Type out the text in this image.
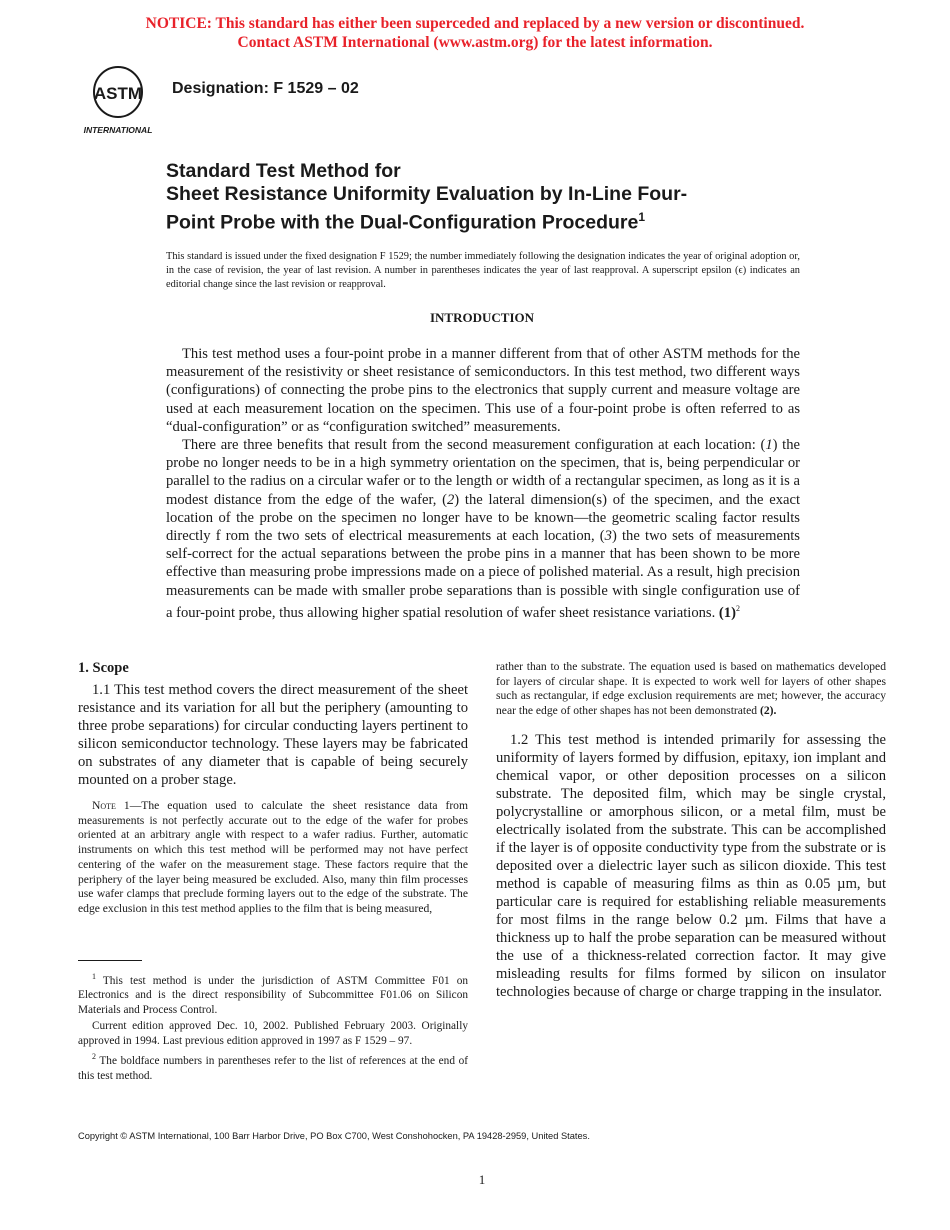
NOTICE: This standard has either been superceded and replaced by a new version or discontinued.
Contact ASTM International (www.astm.org) for the latest information.
ASTM
INTERNATIONAL
Designation: F 1529 – 02
Standard Test Method for
Sheet Resistance Uniformity Evaluation by In-Line Four-
Point Probe with the Dual-Configuration Procedure$^1$

This standard is issued under the fixed designation F 1529; the number immediately following the designation indicates the year of original adoption or, in the case of revision, the year of last revision. A number in parentheses indicates the year of last reapproval. A superscript epsilon (ϵ) indicates an editorial change since the last revision or reapproval.

INTRODUCTION

This test method uses a four-point probe in a manner different from that of other ASTM methods for the measurement of the resistivity or sheet resistance of semiconductors. In this test method, two different ways (configurations) of connecting the probe pins to the electronics that supply current and measure voltage are used at each measurement location on the specimen. This use of a four-point probe is often referred to as “dual-configuration” or as “configuration switched” measurements.

There are three benefits that result from the second measurement configuration at each location: (1) the probe no longer needs to be in a high symmetry orientation on the specimen, that is, being perpendicular or parallel to the radius on a circular wafer or to the length or width of a rectangular specimen, as long as it is a modest distance from the edge of the wafer, (2) the lateral dimension(s) of the specimen, and the exact location of the probe on the specimen no longer have to be known—the geometric scaling factor results directly f rom the two sets of electrical measurements at each location, (3) the two sets of measurements self-correct for the actual separations between the probe pins in a manner that has been shown to be more effective than measuring probe impressions made on a piece of polished material. As a result, high precision measurements can be made with smaller probe separations than is possible with single configuration use of a four-point probe, thus allowing higher spatial resolution of wafer sheet resistance variations. $(1)^2$

1. Scope

1.1 This test method covers the direct measurement of the sheet resistance and its variation for all but the periphery (amounting to three probe separations) for circular conducting layers pertinent to silicon semiconductor technology. These layers may be fabricated on substrates of any diameter that is capable of being securely mounted on a prober stage.

Note 1—The equation used to calculate the sheet resistance data from measurements is not perfectly accurate out to the edge of the wafer for probes oriented at an arbitrary angle with respect to a wafer radius. Further, automatic instruments on which this test method will be performed may not have perfect centering of the wafer on the measurement stage. These factors require that the periphery of the layer being measured be excluded. Also, many thin film processes use wafer clamps that preclude forming layers out to the edge of the substrate. The edge exclusion in this test method applies to the film that is being measured,

rather than to the substrate. The equation used is based on mathematics developed for layers of circular shape. It is expected to work well for layers of other shapes such as rectangular, if edge exclusion requirements are met; however, the accuracy near the edge of other shapes has not been demonstrated (2).

1.2 This test method is intended primarily for assessing the uniformity of layers formed by diffusion, epitaxy, ion implant and chemical vapor, or other deposition processes on a silicon substrate. The deposited film, which may be single crystal, polycrystalline or amorphous silicon, or a metal film, must be electrically isolated from the substrate. This can be accomplished if the layer is of opposite conductivity type from the substrate or is deposited over a dielectric layer such as silicon dioxide. This test method is capable of measuring films as thin as 0.05 µm, but particular care is required for establishing reliable measurements for most films in the range below 0.2 µm. Films that have a thickness up to half the probe separation can be measured without the use of a thickness-related correction factor. It may give misleading results for films formed by silicon on insulator technologies because of charge or charge trapping in the insulator.

$^1$ This test method is under the jurisdiction of ASTM Committee F01 on Electronics and is the direct responsibility of Subcommittee F01.06 on Silicon Materials and Process Control.

Current edition approved Dec. 10, 2002. Published February 2003. Originally approved in 1994. Last previous edition approved in 1997 as F 1529 – 97.

$^2$ The boldface numbers in parentheses refer to the list of references at the end of this test method.

Copyright © ASTM International, 100 Barr Harbor Drive, PO Box C700, West Conshohocken, PA 19428-2959, United States.
1
